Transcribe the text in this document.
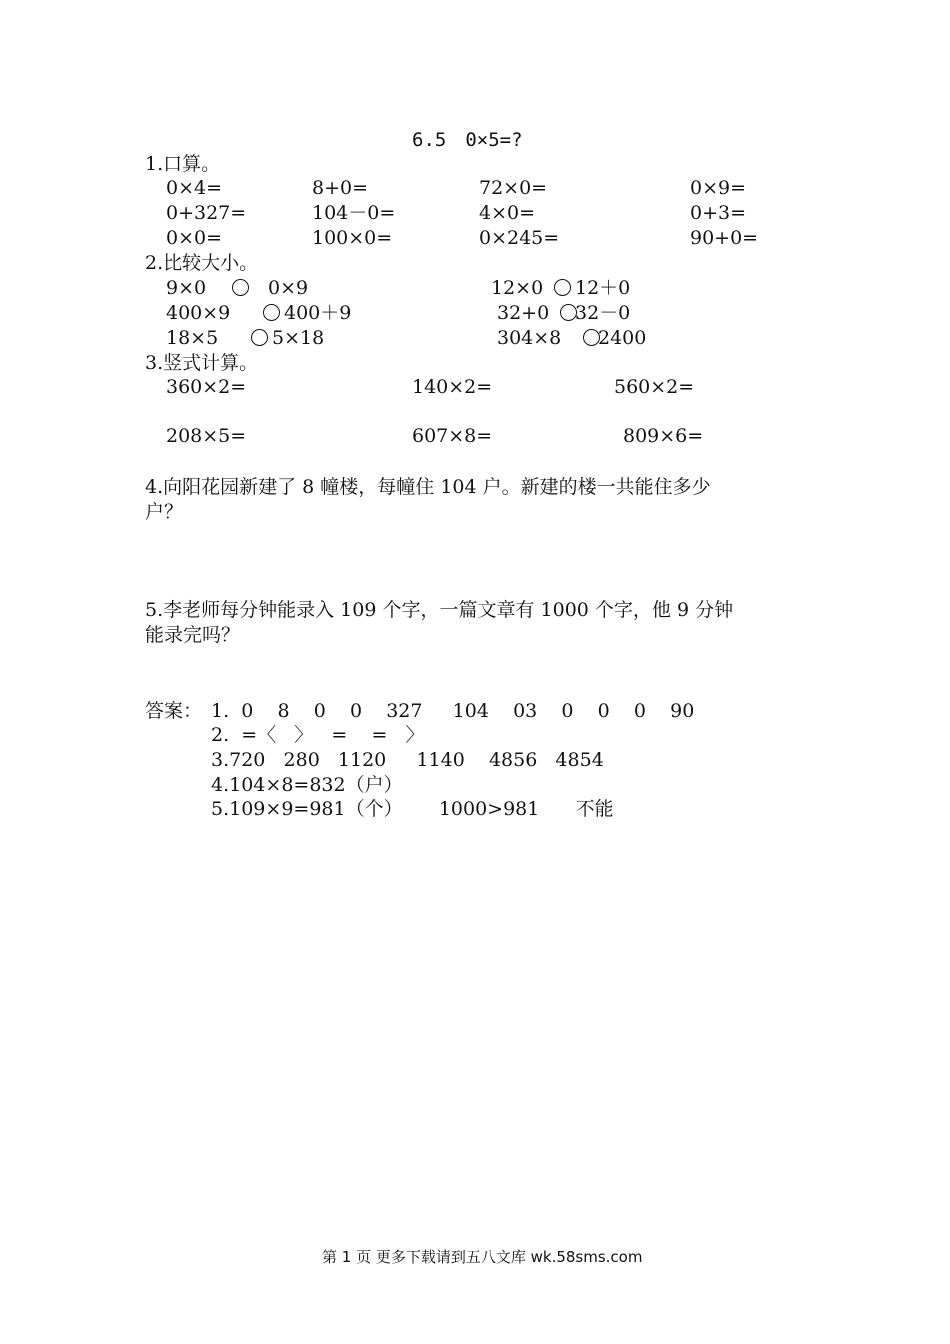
6.5　0×5=?
1.口算。
0×4=	8+0=	72×0=	0×9=
0+327=	104－0=	4×0=	0+3=
0×0=	100×0=	0×245=	90+0=
2.比较大小。
9×0	0×9	12×0 12＋0
400×9	400＋9	32+0 32－0
18×5	5×18	304×8 2400
3.竖式计算。
360×2=	140×2=	560×2=
208×5=	607×8=	809×6=
4.向阳花园新建了 8 幢楼，每幢住 104 户。新建的楼一共能住多少
户？
5.李老师每分钟能录入 109 个字，一篇文章有 1000 个字，他 9 分钟
能录完吗？
答案： 1.  0    8    0    0    327     104    03    0    0    0    90
2.  =〈   〉   =    =   〉
3.720   280   1120     1140    4856   4854
4.104×8=832（户）
5.109×9=981（个）      1000>981      不能
第 1 页 更多下载请到五八文库 wk.58sms.com
